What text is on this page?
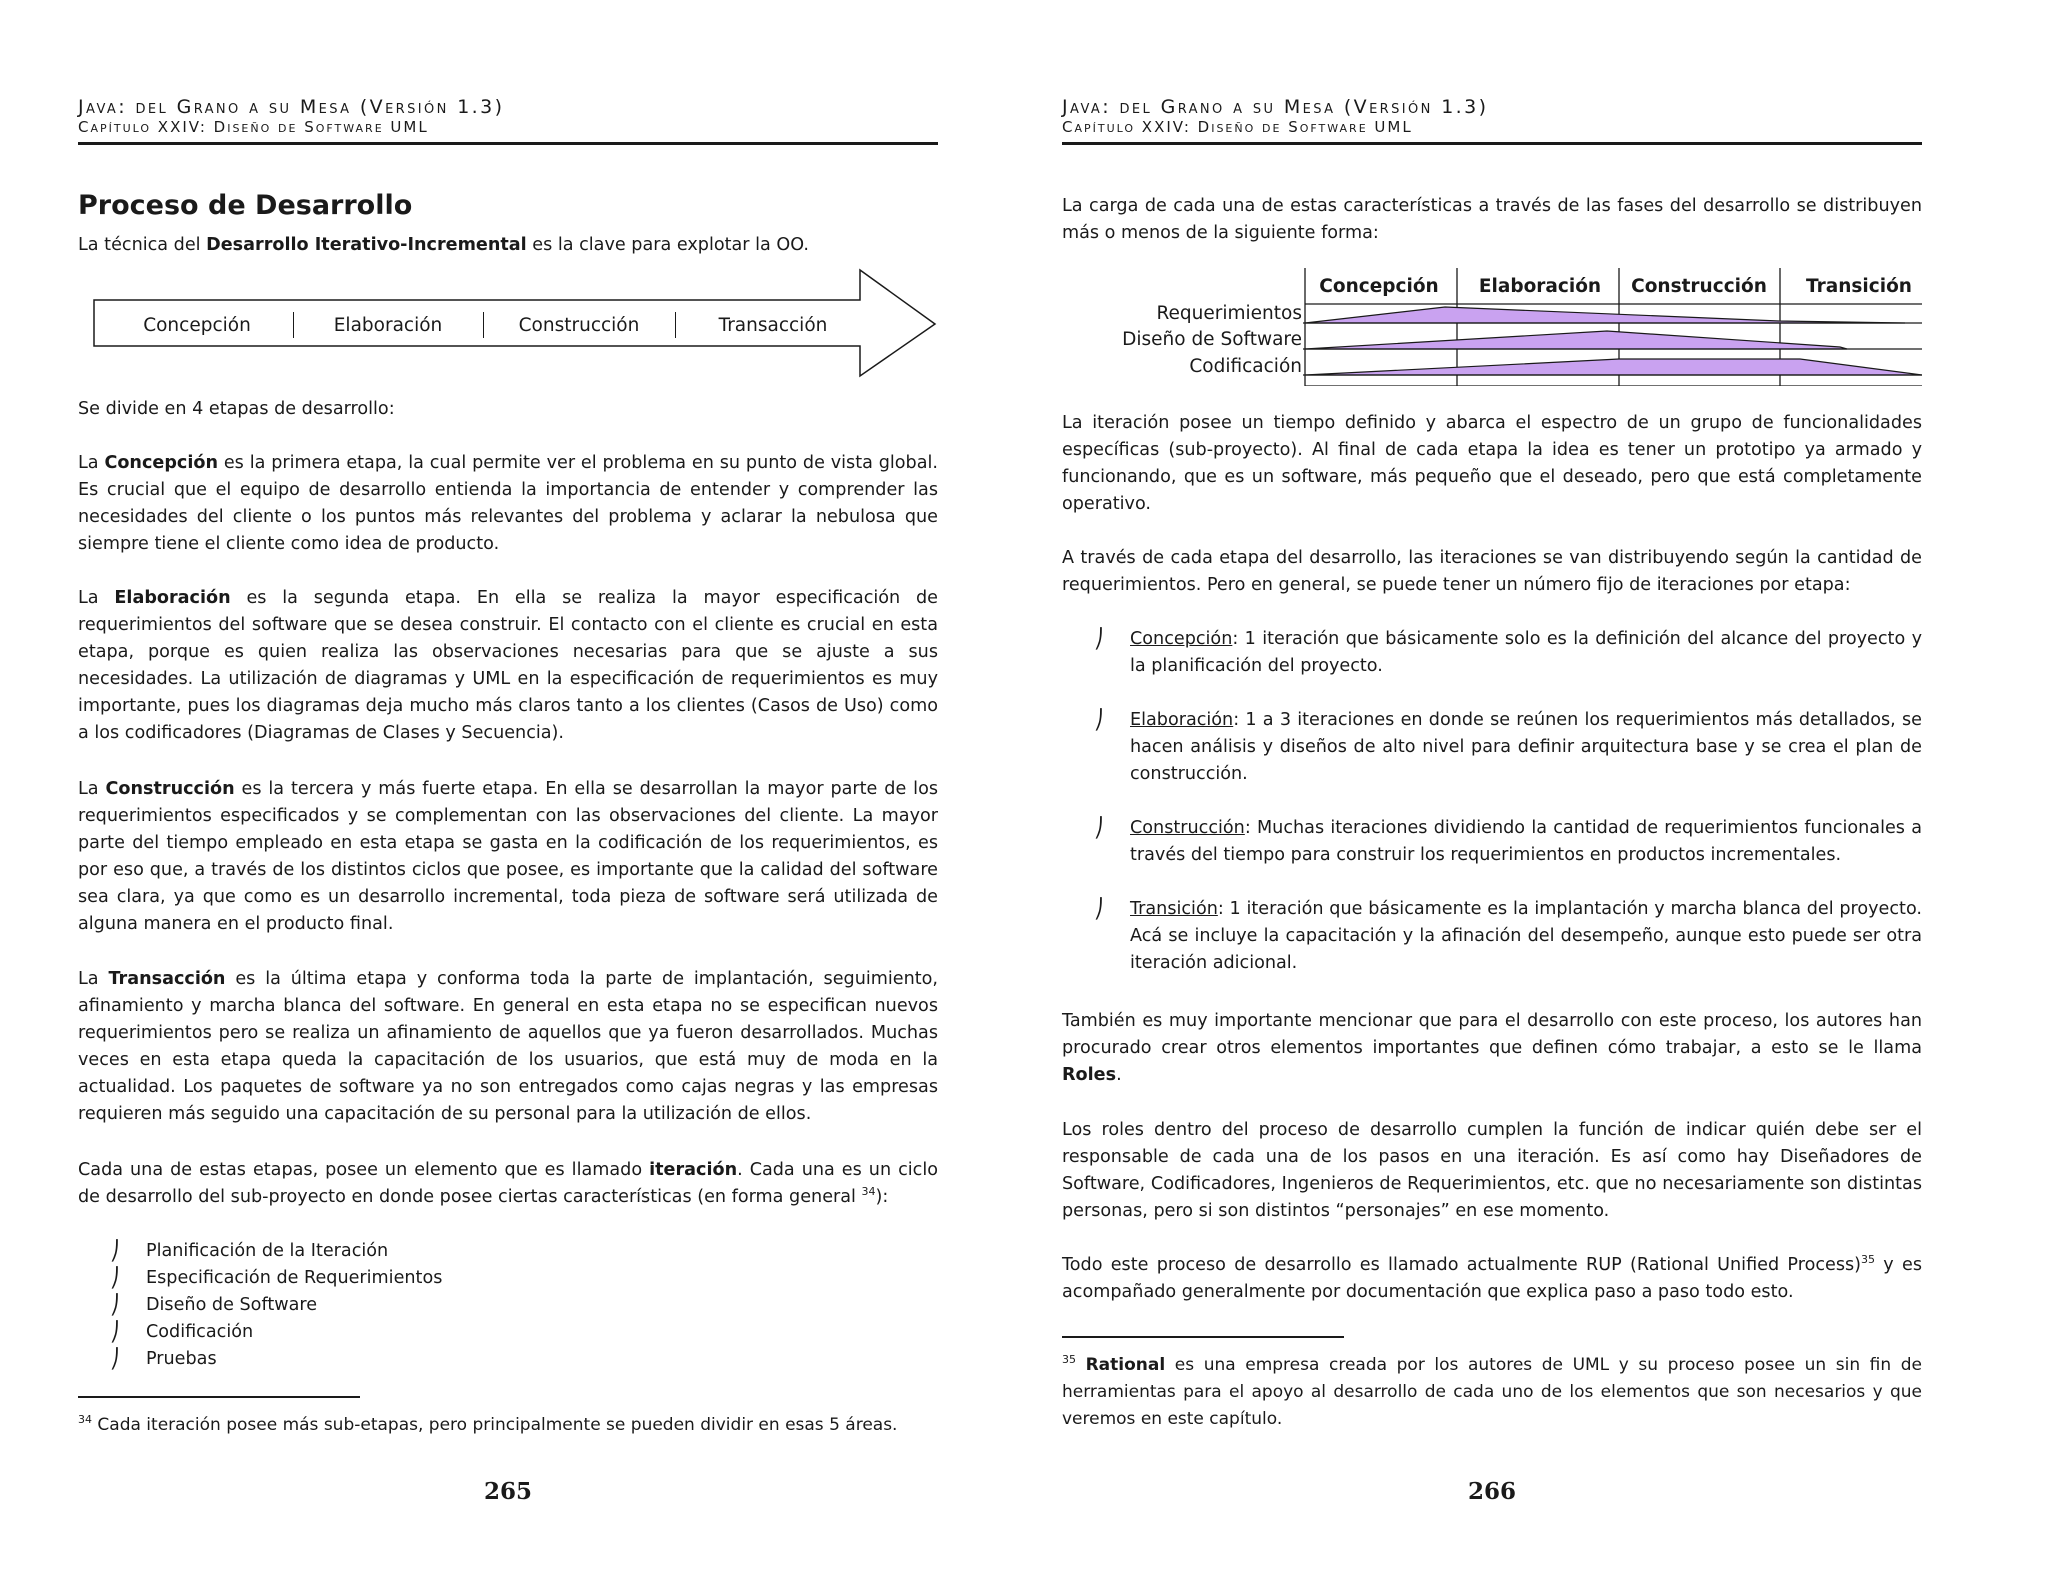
Java: del Grano a su Mesa (Versión 1.3)
Capítulo XXIV: Diseño de Software UML
Proceso de Desarrollo

La técnica del Desarrollo Iterativo-Incremental es la clave para explotar la OO.

Concepción	Elaboración	Construcción	Transacción

Se divide en 4 etapas de desarrollo:

La Concepción es la primera etapa, la cual permite ver el problema en su punto de vista global. Es crucial que el equipo de desarrollo entienda la importancia de entender y comprender las necesidades del cliente o los puntos más relevantes del problema y aclarar la nebulosa que siempre tiene el cliente como idea de producto.

La Elaboración es la segunda etapa. En ella se realiza la mayor especificación de requerimientos del software que se desea construir. El contacto con el cliente es crucial en esta etapa, porque es quien realiza las observaciones necesarias para que se ajuste a sus necesidades. La utilización de diagramas y UML en la especificación de requerimientos es muy importante, pues los diagramas deja mucho más claros tanto a los clientes (Casos de Uso) como a los codificadores (Diagramas de Clases y Secuencia).

La Construcción es la tercera y más fuerte etapa. En ella se desarrollan la mayor parte de los requerimientos especificados y se complementan con las observaciones del cliente. La mayor parte del tiempo empleado en esta etapa se gasta en la codificación de los requerimientos, es por eso que, a través de los distintos ciclos que posee, es importante que la calidad del software sea clara, ya que como es un desarrollo incremental, toda pieza de software será utilizada de alguna manera en el producto final.

La Transacción es la última etapa y conforma toda la parte de implantación, seguimiento, afinamiento y marcha blanca del software. En general en esta etapa no se especifican nuevos requerimientos pero se realiza un afinamiento de aquellos que ya fueron desarrollados. Muchas veces en esta etapa queda la capacitación de los usuarios, que está muy de moda en la actualidad. Los paquetes de software ya no son entregados como cajas negras y las empresas requieren más seguido una capacitación de su personal para la utilización de ellos.

Cada una de estas etapas, posee un elemento que es llamado iteración. Cada una es un ciclo de desarrollo del sub-proyecto en donde posee ciertas características (en forma general $^{34}$):

⎠ Planificación de la Iteración
⎠ Especificación de Requerimientos
⎠ Diseño de Software
⎠ Codificación
⎠ Pruebas

$^{34}$ Cada iteración posee más sub-etapas, pero principalmente se pueden dividir en esas 5 áreas.

265
Java: del Grano a su Mesa (Versión 1.3)
Capítulo XXIV: Diseño de Software UML

La carga de cada una de estas características a través de las fases del desarrollo se distribuyen más o menos de la siguiente forma:

Concepción Elaboración Construcción Transición
Requerimientos
Diseño de Software
Codificación

La iteración posee un tiempo definido y abarca el espectro de un grupo de funcionalidades específicas (sub-proyecto). Al final de cada etapa la idea es tener un prototipo ya armado y funcionando, que es un software, más pequeño que el deseado, pero que está completamente operativo.

A través de cada etapa del desarrollo, las iteraciones se van distribuyendo según la cantidad de requerimientos. Pero en general, se puede tener un número fijo de iteraciones por etapa:

⎠ Concepción: 1 iteración que básicamente solo es la definición del alcance del proyecto y la planificación del proyecto.
⎠ Elaboración: 1 a 3 iteraciones en donde se reúnen los requerimientos más detallados, se hacen análisis y diseños de alto nivel para definir arquitectura base y se crea el plan de construcción.
⎠ Construcción: Muchas iteraciones dividiendo la cantidad de requerimientos funcionales a través del tiempo para construir los requerimientos en productos incrementales.
⎠ Transición: 1 iteración que básicamente es la implantación y marcha blanca del proyecto. Acá se incluye la capacitación y la afinación del desempeño, aunque esto puede ser otra iteración adicional.

También es muy importante mencionar que para el desarrollo con este proceso, los autores han procurado crear otros elementos importantes que definen cómo trabajar, a esto se le llama Roles.

Los roles dentro del proceso de desarrollo cumplen la función de indicar quién debe ser el responsable de cada una de los pasos en una iteración. Es así como hay Diseñadores de Software, Codificadores, Ingenieros de Requerimientos, etc. que no necesariamente son distintas personas, pero si son distintos “personajes” en ese momento.

Todo este proceso de desarrollo es llamado actualmente RUP (Rational Unified Process)$^{35}$ y es acompañado generalmente por documentación que explica paso a paso todo esto.

$^{35}$ Rational es una empresa creada por los autores de UML y su proceso posee un sin fin de herramientas para el apoyo al desarrollo de cada uno de los elementos que son necesarios y que veremos en este capítulo.

266
